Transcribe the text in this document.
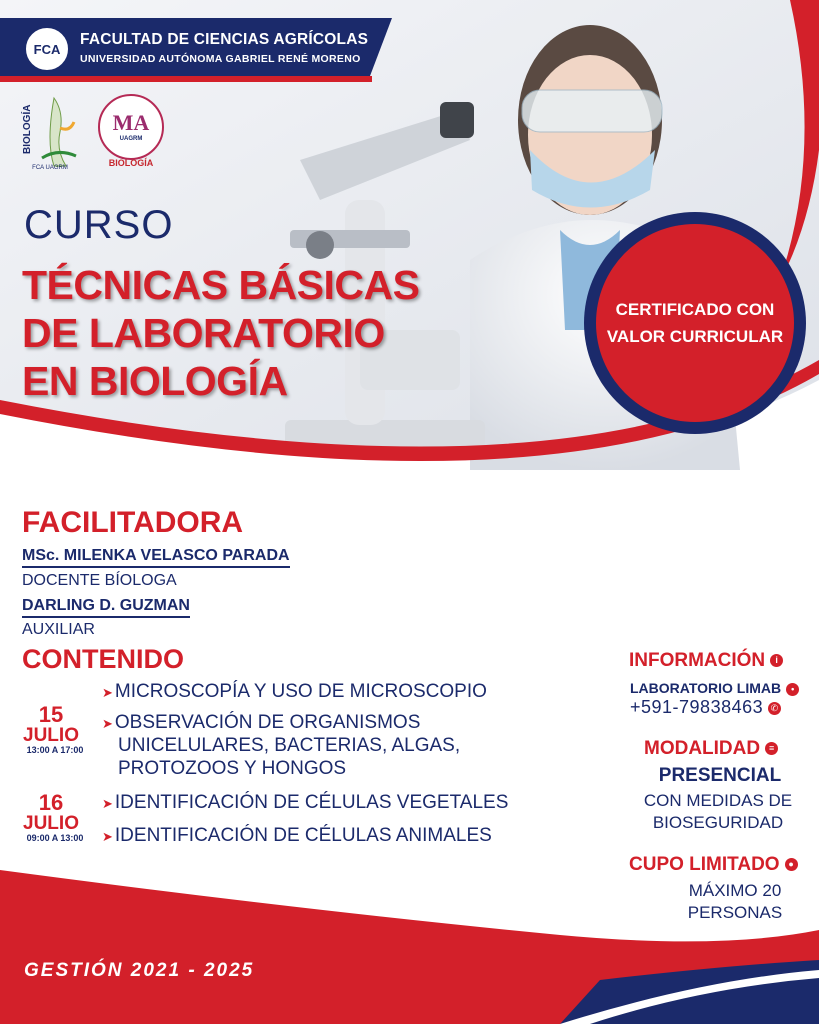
FCA
FACULTAD DE CIENCIAS AGRÍCOLAS
UNIVERSIDAD AUTÓNOMA GABRIEL RENÉ MORENO
BIOLOGÍA
FCA UAGRM
MA
UAGRM
BIOLOGÍA
CURSO
TÉCNICAS BÁSICAS
DE LABORATORIO
EN BIOLOGÍA
CERTIFICADO CON
VALOR CURRICULAR
FACILITADORA
MSc. MILENKA VELASCO PARADA
DOCENTE BÍOLOGA
DARLING D. GUZMAN
AUXILIAR
CONTENIDO
15
JULIO
13:00 A 17:00
➤ MICROSCOPÍA Y USO DE MICROSCOPIO
➤ OBSERVACIÓN DE ORGANISMOS
UNICELULARES, BACTERIAS, ALGAS,
PROTOZOOS Y HONGOS
16
JULIO
09:00 A 13:00
➤ IDENTIFICACIÓN DE CÉLULAS VEGETALES
➤ IDENTIFICACIÓN DE CÉLULAS ANIMALES
INFORMACIÓN i
LABORATORIO LIMAB •
+591-79838463 ✆
MODALIDAD ≡
PRESENCIAL
CON MEDIDAS DE
BIOSEGURIDAD
CUPO LIMITADO ●
MÁXIMO 20
PERSONAS
GESTIÓN 2021 - 2025
